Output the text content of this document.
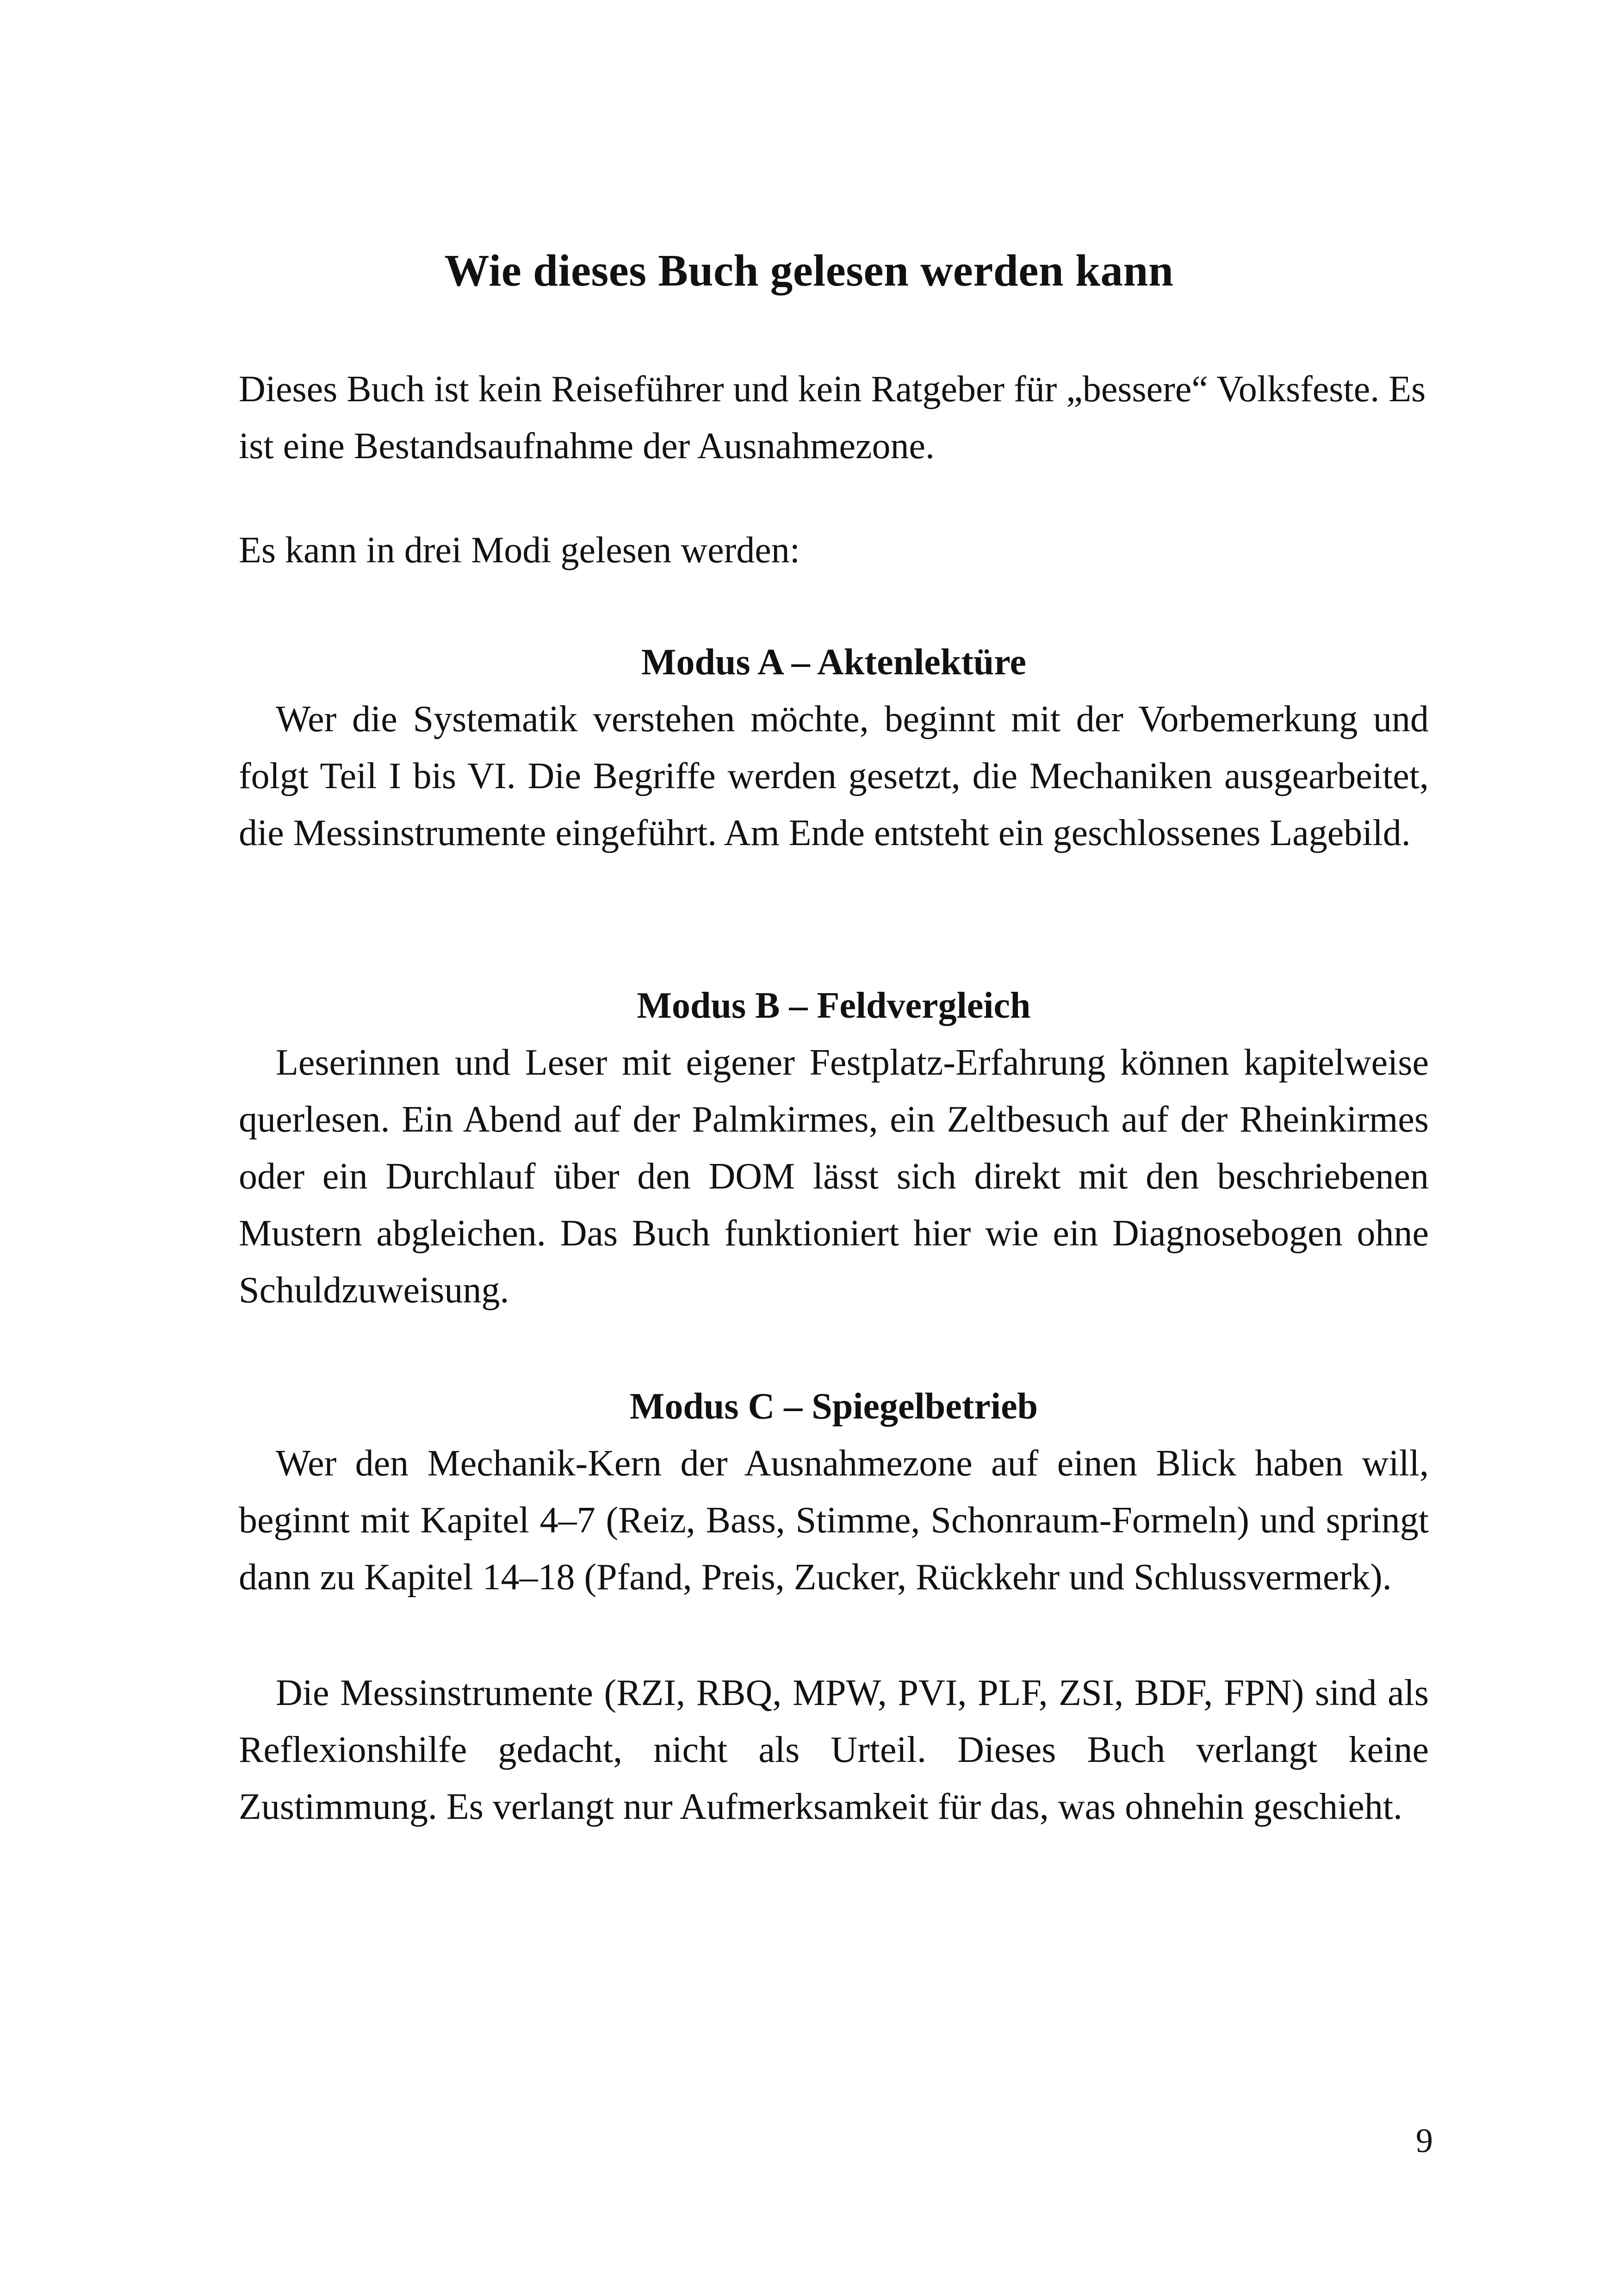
Wie dieses Buch gelesen werden kann

Dieses Buch ist kein Reiseführer und kein Ratgeber für „bessere“ Volksfeste. Es ist eine Bestandsaufnahme der Ausnahmezone.

Es kann in drei Modi gelesen werden:

Modus A – Aktenlektüre

Wer die Systematik verstehen möchte, beginnt mit der Vorbemerkung und folgt Teil I bis VI. Die Begriffe werden gesetzt, die Mechaniken ausgearbeitet, die Messinstrumente eingeführt. Am Ende entsteht ein geschlossenes Lagebild.

Modus B – Feldvergleich

Leserinnen und Leser mit eigener Festplatz-Erfahrung können kapitelweise querlesen. Ein Abend auf der Palmkirmes, ein Zeltbesuch auf der Rheinkirmes oder ein Durchlauf über den DOM lässt sich direkt mit den beschriebenen Mustern abgleichen. Das Buch funktioniert hier wie ein Diagnosebogen ohne Schuldzuweisung.

Modus C – Spiegelbetrieb

Wer den Mechanik-Kern der Ausnahmezone auf einen Blick haben will, beginnt mit Kapitel 4–7 (Reiz, Bass, Stimme, Schonraum-Formeln) und springt dann zu Kapitel 14–18 (Pfand, Preis, Zucker, Rückkehr und Schlussvermerk).

Die Messinstrumente (RZI, RBQ, MPW, PVI, PLF, ZSI, BDF, FPN) sind als Reflexionshilfe gedacht, nicht als Urteil. Dieses Buch verlangt keine Zustimmung. Es verlangt nur Aufmerksamkeit für das, was ohnehin geschieht.

9
